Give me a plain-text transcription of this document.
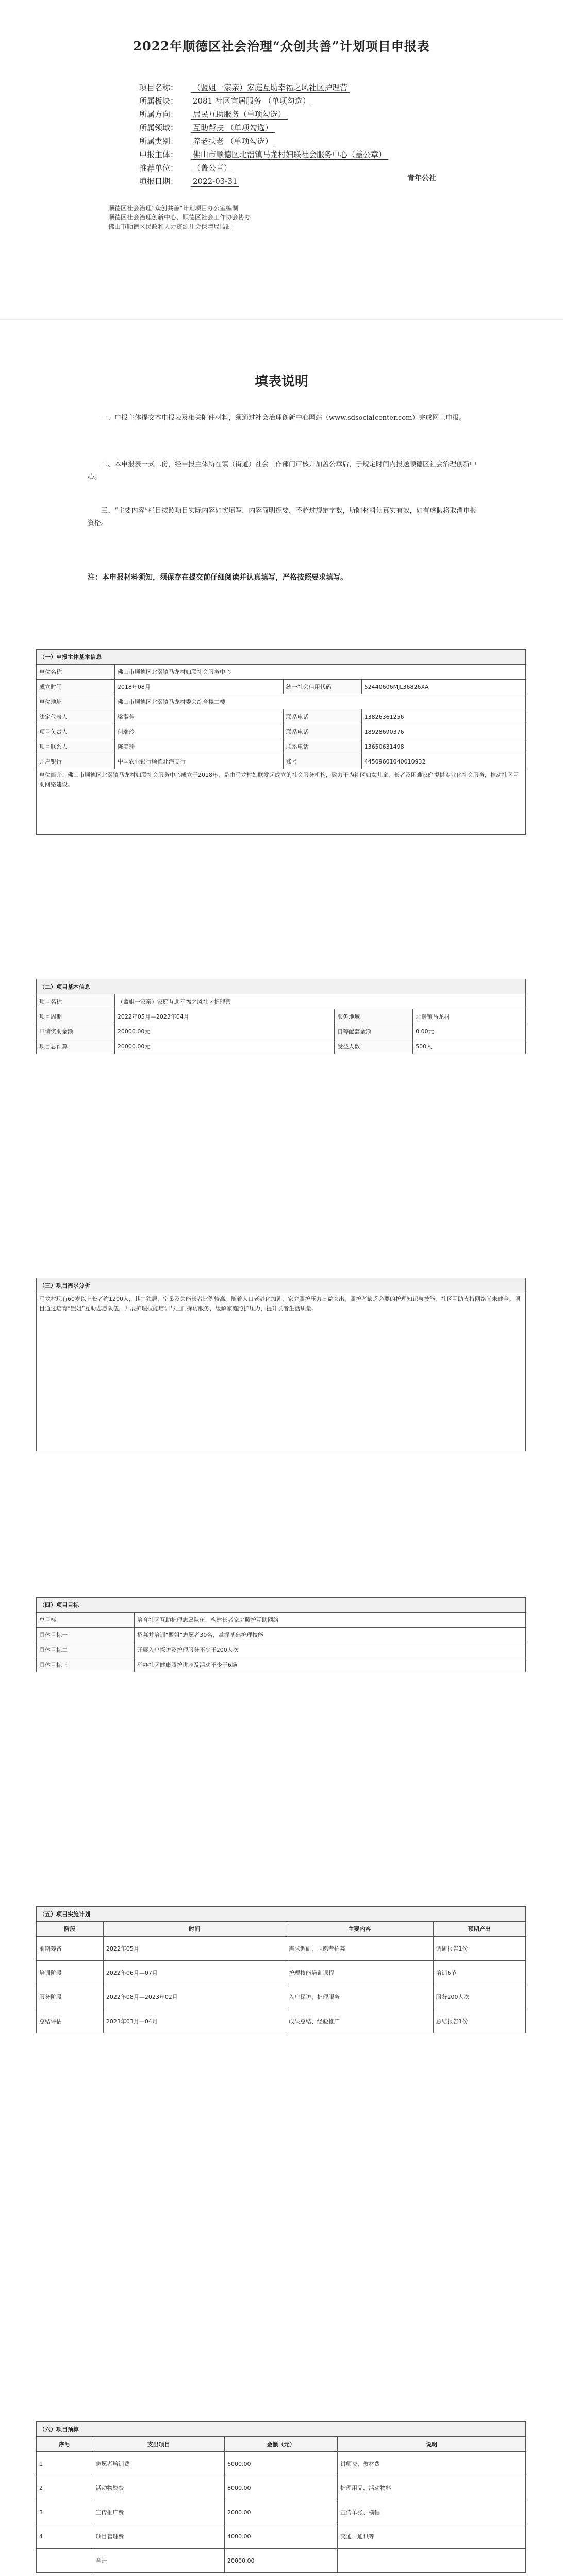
2022年顺德区社会治理“众创共善”计划项目申报表
项目名称： （盟姐一家亲）家庭互助幸福之风社区护理营
所属板块： 2081 社区宜居服务 （单项勾选）
所属方向： 居民互助服务（单项勾选）
所属领域： 互助帮扶 （单项勾选）
所属类别： 养老扶老 （单项勾选）
申报主体： 佛山市顺德区北滘镇马龙村妇联社会服务中心（盖公章）
推荐单位： （盖公章）
填报日期： 2022-03-31
顺德区社会治理“众创共善”计划项目办公室编制
顺德区社会治理创新中心、顺德区社会工作协会协办
佛山市顺德区民政和人力资源社会保障局监制
青年公社
填表说明
一、申报主体提交本申报表及相关附件材料，须通过社会治理创新中心网站（www.sdsocialcenter.com）完成网上申报。
二、本申报表一式二份，经申报主体所在镇（街道）社会工作部门审核并加盖公章后，于规定时间内报送顺德区社会治理创新中心。
三、“主要内容”栏目按照项目实际内容如实填写，内容简明扼要，不超过规定字数，所附材料须真实有效，如有虚假将取消申报资格。
注：本申报材料须知，须保存在提交前仔细阅读并认真填写，严格按照要求填写。
（一）申报主体基本信息			
单位名称	佛山市顺德区北滘镇马龙村妇联社会服务中心		
成立时间	2018年08月	统一社会信用代码	52440606MJL36826XA
单位地址	佛山市顺德区北滘镇马龙村委会综合楼二楼		
法定代表人	梁淑芳	联系电话	13826361256
项目负责人	何瑞玲	联系电话	18928690376
项目联系人	陈美珍	联系电话	13650631498
开户银行	中国农业银行顺德北滘支行	账号	44509601040010932
单位简介：佛山市顺德区北滘镇马龙村妇联社会服务中心成立于2018年，是由马龙村妇联发起成立的社会服务机构，致力于为社区妇女儿童、长者及困难家庭提供专业化社会服务，推动社区互助网络建设。			
（二）项目基本信息			
项目名称	（盟姐一家亲）家庭互助幸福之风社区护理营		
项目周期	2022年05月—2023年04月	服务地域	北滘镇马龙村
申请资助金额	20000.00元	自筹配套金额	0.00元
项目总预算	20000.00元	受益人数	500人
（三）项目需求分析
马龙村现有60岁以上长者约1200人，其中独居、空巢及失能长者比例较高。随着人口老龄化加剧，家庭照护压力日益突出，照护者缺乏必要的护理知识与技能，社区互助支持网络尚未健全。项目通过培育“盟姐”互助志愿队伍，开展护理技能培训与上门探访服务，缓解家庭照护压力，提升长者生活质量。
（四）项目目标	
总目标	培育社区互助护理志愿队伍，构建长者家庭照护互助网络
具体目标一	招募并培训“盟姐”志愿者30名，掌握基础护理技能
具体目标二	开展入户探访及护理服务不少于200人次
具体目标三	举办社区健康照护讲座及活动不少于6场
（五）项目实施计划			
阶段	时间	主要内容	预期产出
前期筹备	2022年05月	需求调研、志愿者招募	调研报告1份
培训阶段	2022年06月—07月	护理技能培训课程	培训6节
服务阶段	2022年08月—2023年02月	入户探访、护理服务	服务200人次
总结评估	2023年03月—04月	成果总结、经验推广	总结报告1份
（六）项目预算			
序号	支出项目	金额（元）	说明
1	志愿者培训费	6000.00	讲师费、教材费
2	活动物资费	8000.00	护理用品、活动物料
3	宣传推广费	2000.00	宣传单张、横幅
4	项目管理费	4000.00	交通、通讯等
	合计	20000.00	
